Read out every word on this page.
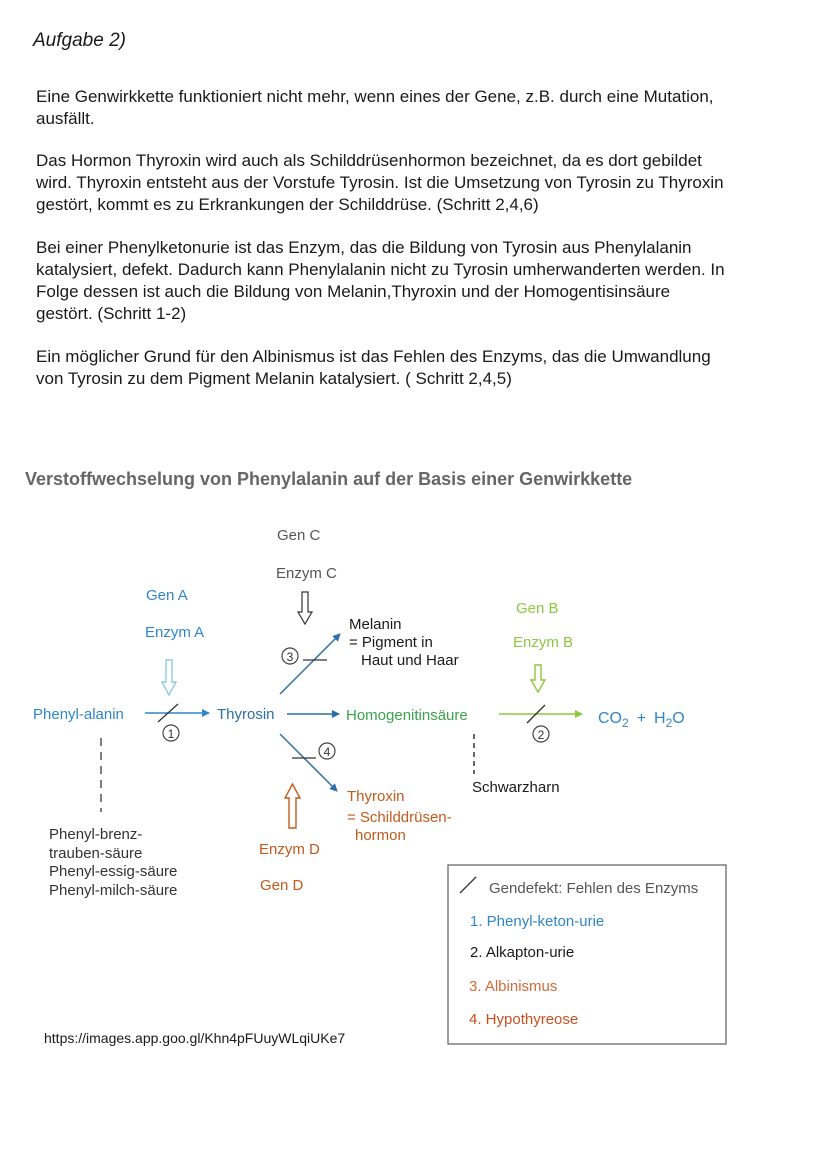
Aufgabe 2)

Eine Genwirkkette funktioniert nicht mehr, wenn eines der Gene, z.B. durch eine Mutation,
ausfällt.

Das Hormon Thyroxin wird auch als Schilddrüsenhormon bezeichnet, da es dort gebildet
wird. Thyroxin entsteht aus der Vorstufe Tyrosin. Ist die Umsetzung von Tyrosin zu Thyroxin
gestört, kommt es zu Erkrankungen der Schilddrüse. (Schritt 2,4,6)

Bei einer Phenylketonurie ist das Enzym, das die Bildung von Tyrosin aus Phenylalanin
katalysiert, defekt. Dadurch kann Phenylalanin nicht zu Tyrosin umherwanderten werden. In
Folge dessen ist auch die Bildung von Melanin,Thyroxin und der Homogentisinsäure
gestört. (Schritt 1-2)

Ein möglicher Grund für den Albinismus ist das Fehlen des Enzyms, das die Umwandlung
von Tyrosin zu dem Pigment Melanin katalysiert. ( Schritt 2,4,5)

Verstoffwechselung von Phenylalanin auf der Basis einer Genwirkkette
Gen C
Enzym C
Gen A
Enzym A
Gen B
Enzym B
Enzym D
Gen D
Melanin = Pigment in Haut und Haar
Phenyl-alanin	Thyrosin	Homogenitinsäure	$CO_2 + H_2O$
1	2
3
4
Thyroxin = Schilddrüsen- hormon
Schwarzharn
Phenyl-brenz- trauben-säure Phenyl-essig-säure Phenyl-milch-säure	Gendefekt: Fehlen des Enzyms
1. Phenyl-keton-urie
2. Alkapton-urie
3. Albinismus
4. Hypothyreose
https://images.app.goo.gl/Khn4pFUuyWLqiUKe7
